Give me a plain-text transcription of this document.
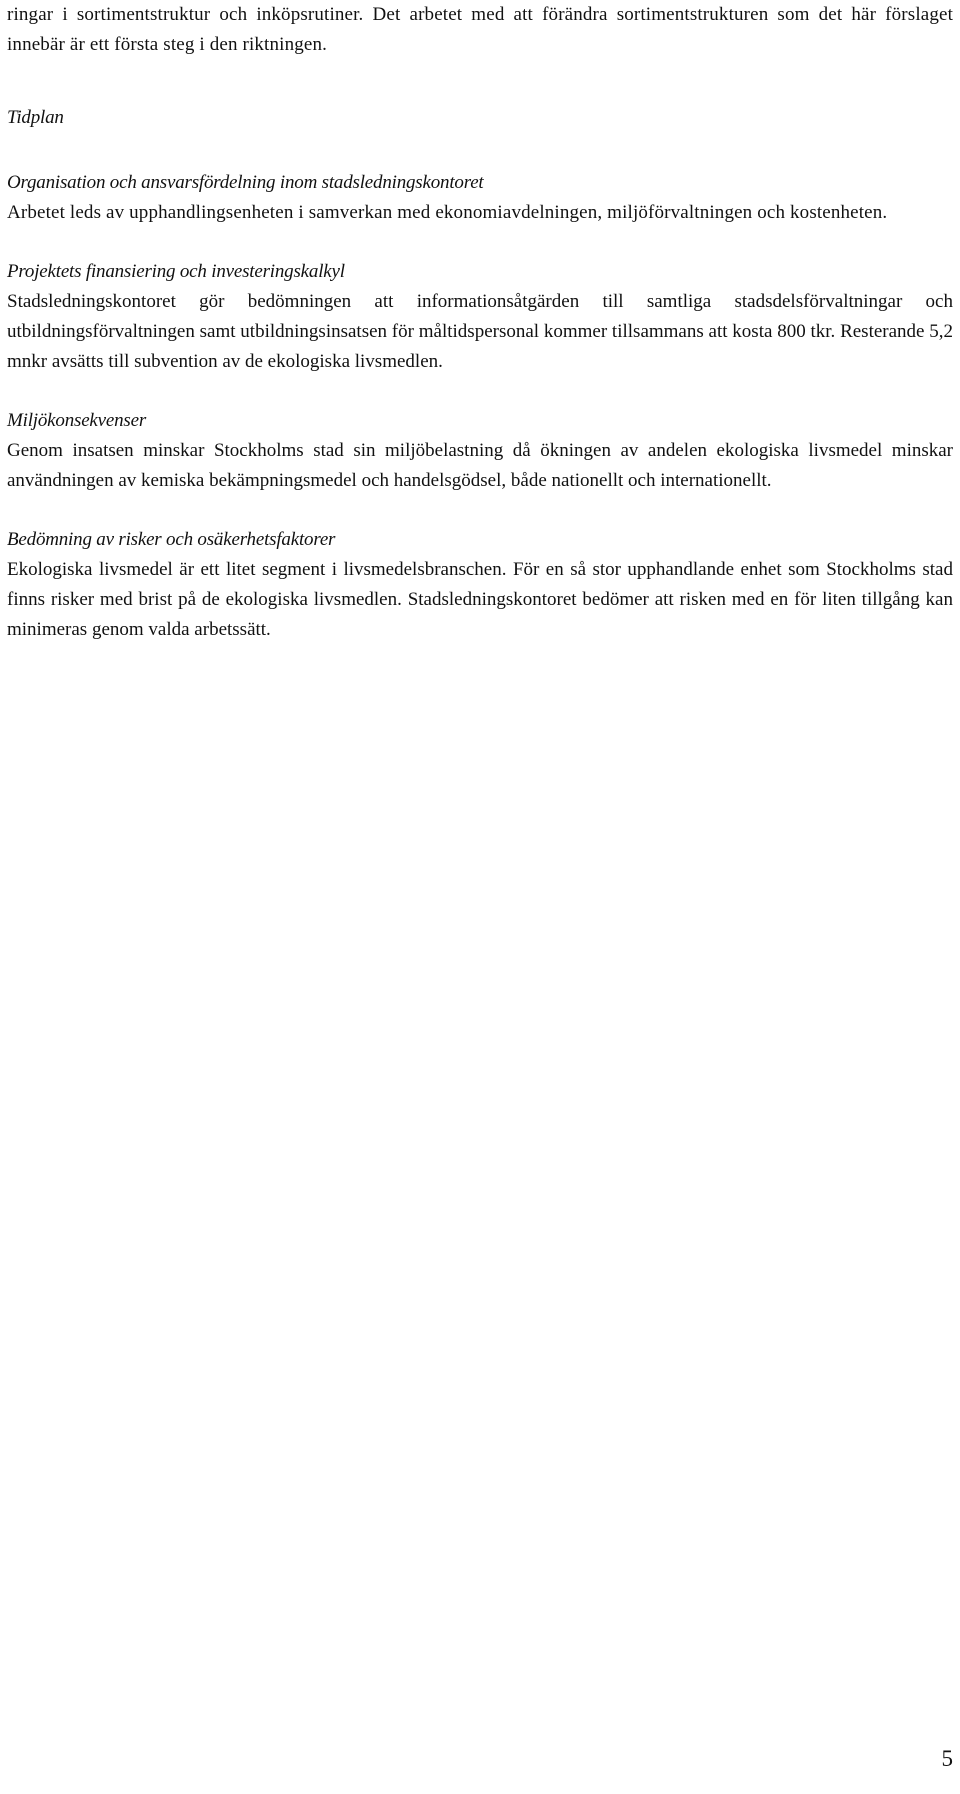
ringar i sortimentstruktur och inköpsrutiner. Det arbetet med att förändra sortimentstrukturen som det här förslaget innebär är ett första steg i den riktningen.

Tidplan

Organisation och ansvarsfördelning inom stadsledningskontoret

Arbetet leds av upphandlingsenheten i samverkan med ekonomiavdelningen, miljöförvaltningen och kostenheten.

Projektets finansiering och investeringskalkyl

Stadsledningskontoret gör bedömningen att informationsåtgärden till samtliga stadsdelsförvaltningar och utbildningsförvaltningen samt utbildningsinsatsen för måltidspersonal kommer tillsammans att kosta 800 tkr. Resterande 5,2 mnkr avsätts till subvention av de ekologiska livsmedlen.

Miljökonsekvenser

Genom insatsen minskar Stockholms stad sin miljöbelastning då ökningen av andelen ekologiska livsmedel minskar användningen av kemiska bekämpningsmedel och handelsgödsel, både nationellt och internationellt.

Bedömning av risker och osäkerhetsfaktorer

Ekologiska livsmedel är ett litet segment i livsmedelsbranschen. För en så stor upphandlande enhet som Stockholms stad finns risker med brist på de ekologiska livsmedlen. Stadsledningskontoret bedömer att risken med en för liten tillgång kan minimeras genom valda arbetssätt.

5
